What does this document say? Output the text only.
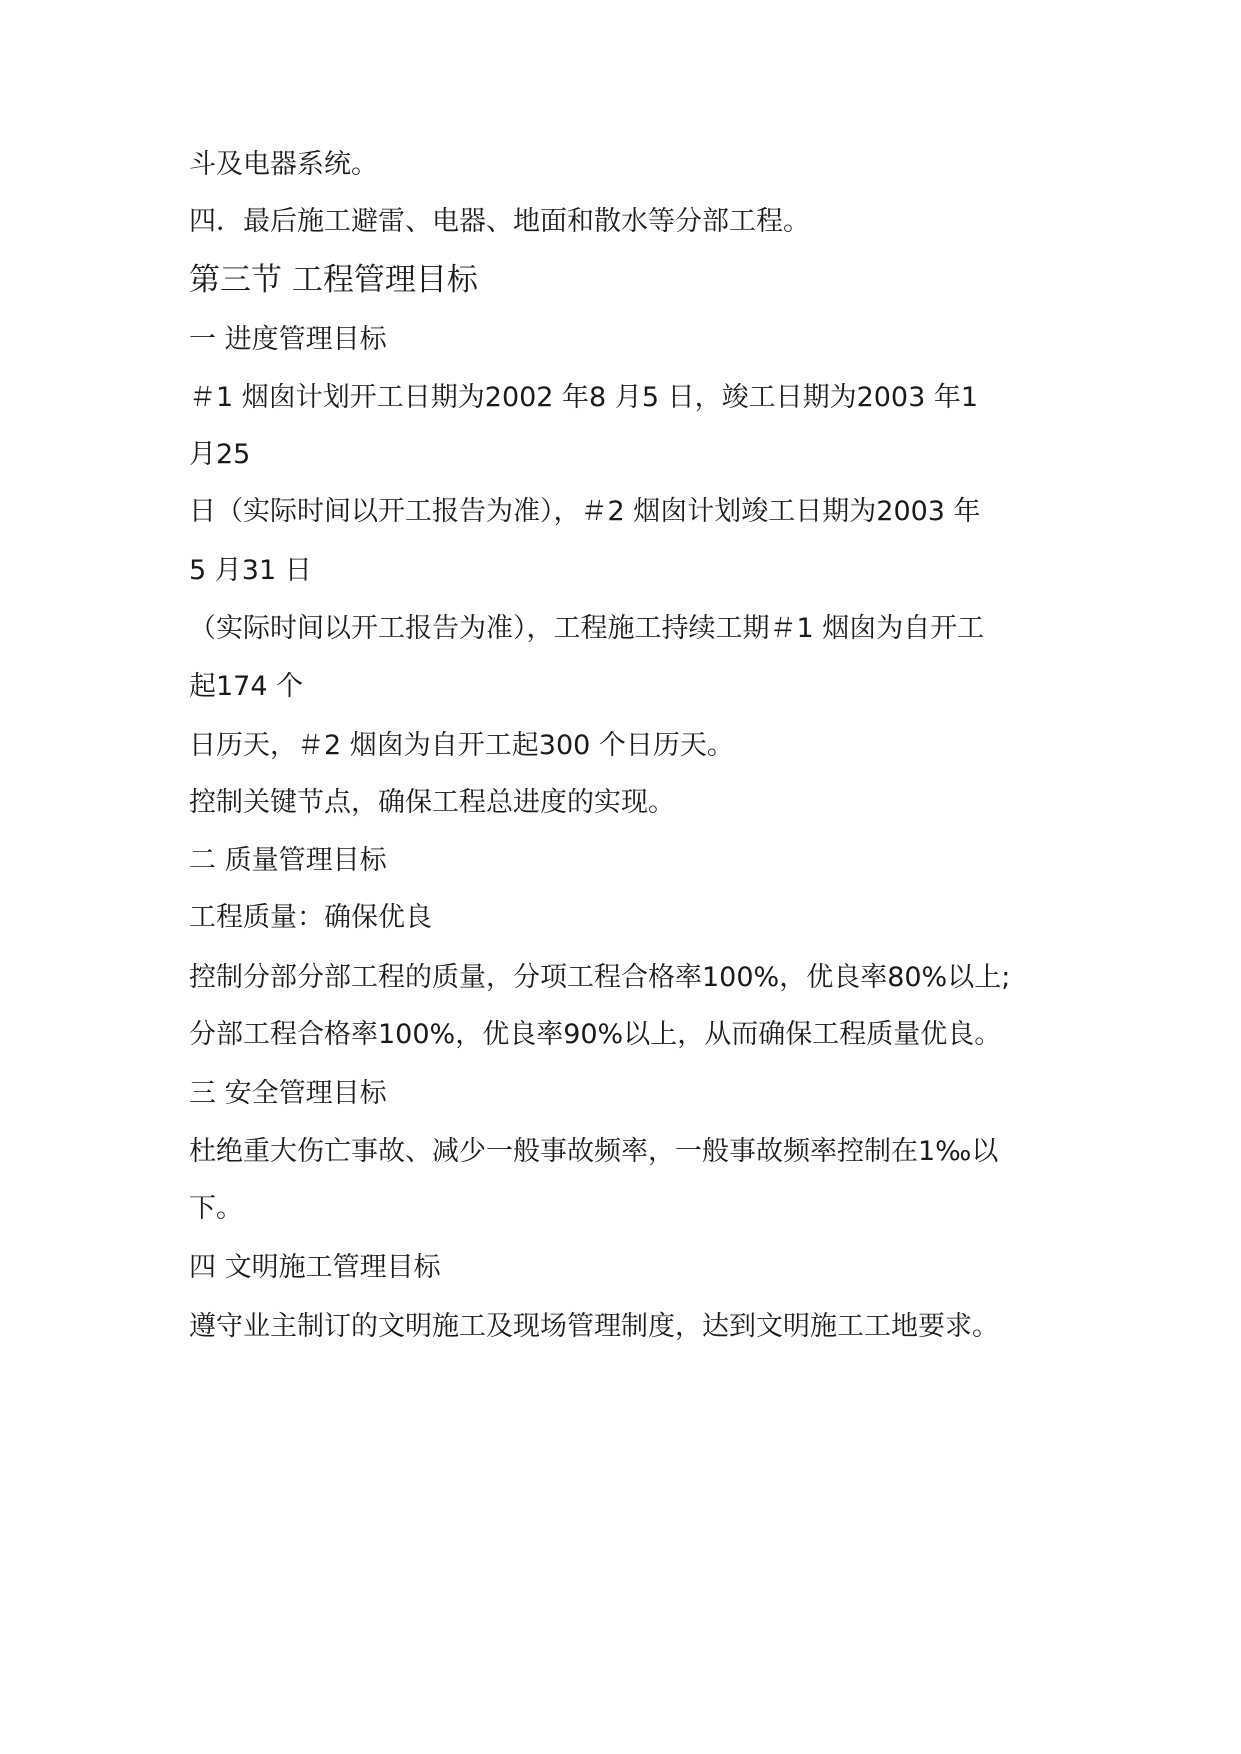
斗及电器系统。

四．最后施工避雷、电器、地面和散水等分部工程。

第三节 工程管理目标

一 进度管理目标

＃1 烟囱计划开工日期为2002 年8 月5 日，竣工日期为2003 年1

月25

日（实际时间以开工报告为准），＃2 烟囱计划竣工日期为2003 年

5 月31 日

（实际时间以开工报告为准），工程施工持续工期＃1 烟囱为自开工

起174 个

日历天，＃2 烟囱为自开工起300 个日历天。

控制关键节点，确保工程总进度的实现。

二 质量管理目标

工程质量：确保优良

控制分部分部工程的质量，分项工程合格率100%，优良率80%以上;

分部工程合格率100%，优良率90%以上，从而确保工程质量优良。

三 安全管理目标

杜绝重大伤亡事故、减少一般事故频率，一般事故频率控制在1‰以

下。

四 文明施工管理目标

遵守业主制订的文明施工及现场管理制度，达到文明施工工地要求。
